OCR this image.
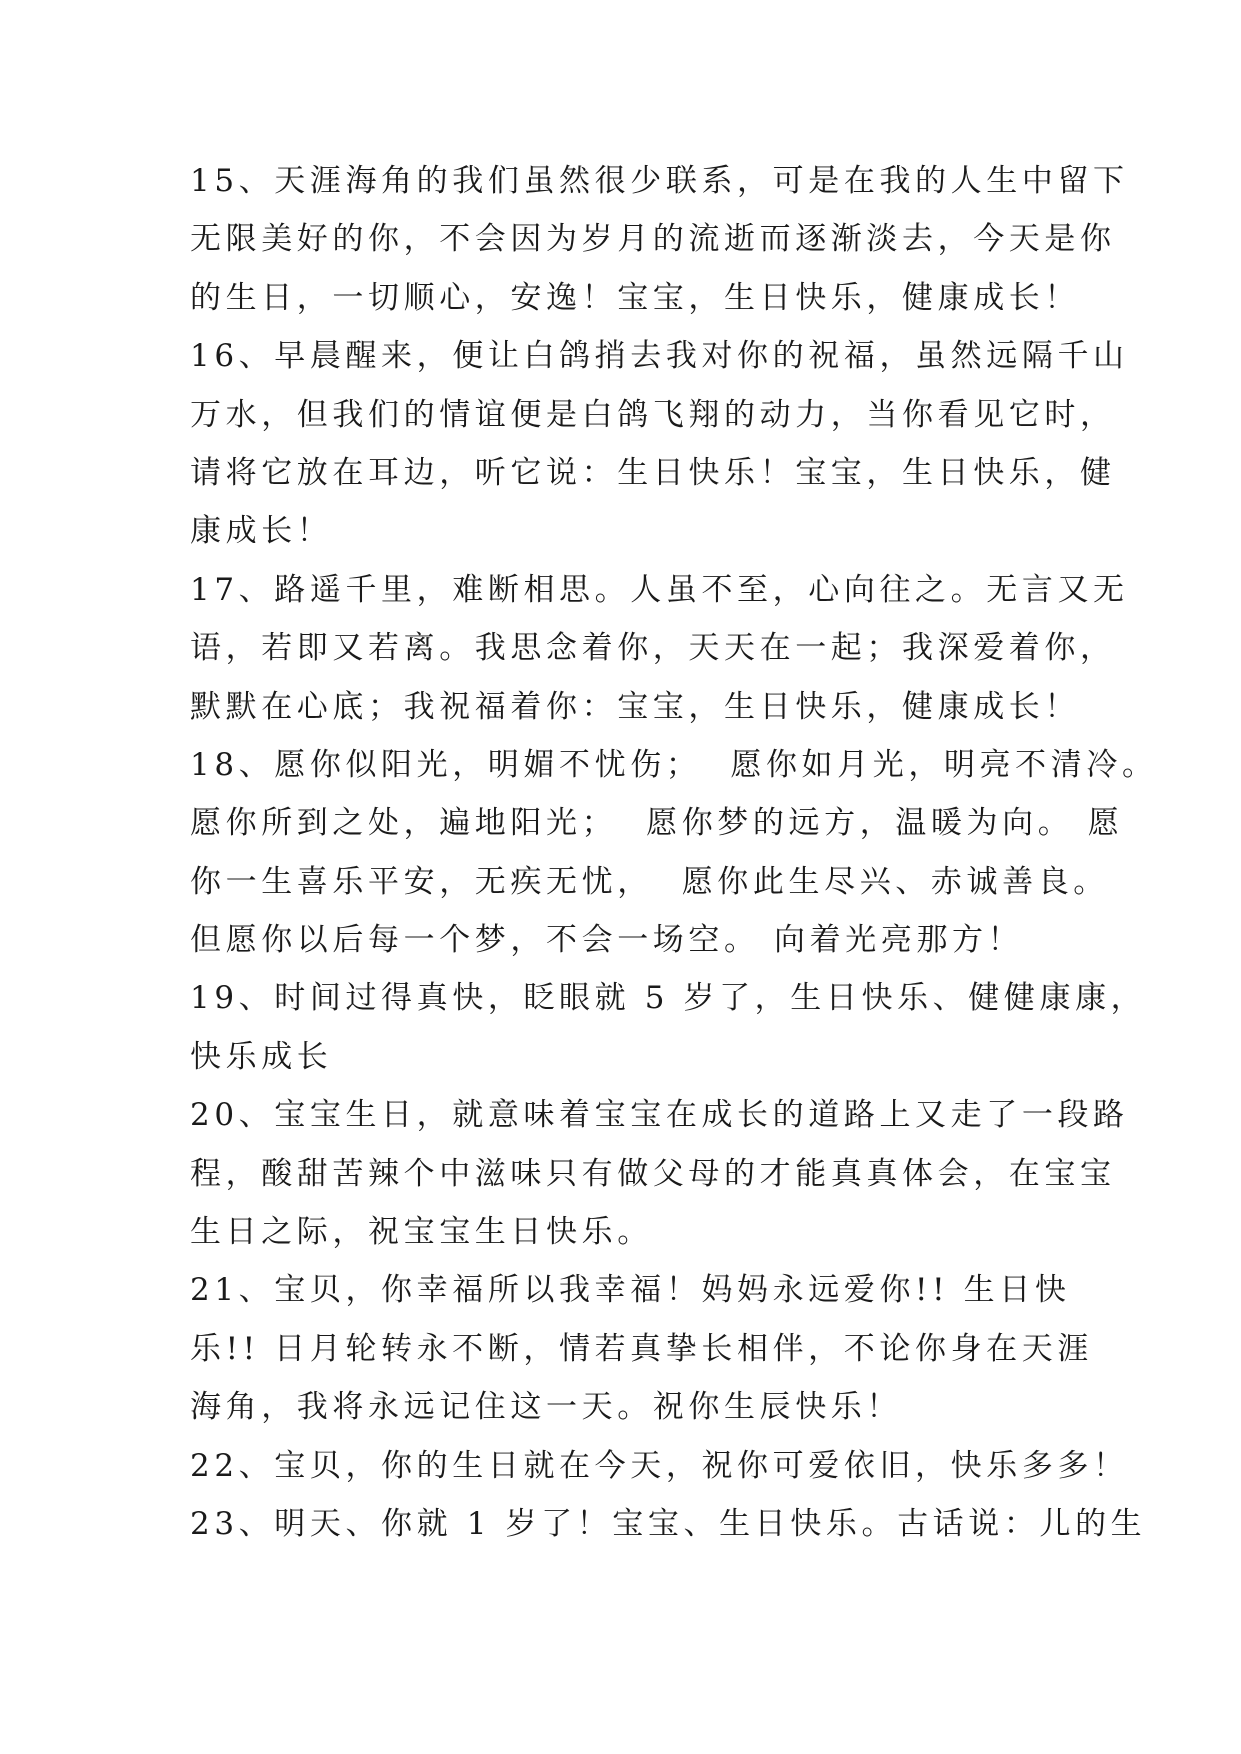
15、天涯海角的我们虽然很少联系，可是在我的人生中留下
无限美好的你，不会因为岁月的流逝而逐渐淡去，今天是你
的生日，一切顺心，安逸！宝宝，生日快乐，健康成长！
16、早晨醒来，便让白鸽捎去我对你的祝福，虽然远隔千山
万水，但我们的情谊便是白鸽飞翔的动力，当你看见它时，
请将它放在耳边，听它说：生日快乐！宝宝，生日快乐，健
康成长！
17、路遥千里，难断相思。人虽不至，心向往之。无言又无
语，若即又若离。我思念着你，天天在一起；我深爱着你，
默默在心底；我祝福着你：宝宝，生日快乐，健康成长！
18、愿你似阳光，明媚不忧伤；  愿你如月光，明亮不清冷。
愿你所到之处，遍地阳光；  愿你梦的远方，温暖为向。 愿
你一生喜乐平安，无疾无忧，  愿你此生尽兴、赤诚善良。
但愿你以后每一个梦，不会一场空。 向着光亮那方！
19、时间过得真快，眨眼就 5 岁了，生日快乐、健健康康，
快乐成长
20、宝宝生日，就意味着宝宝在成长的道路上又走了一段路
程，酸甜苦辣个中滋味只有做父母的才能真真体会，在宝宝
生日之际，祝宝宝生日快乐。
21、宝贝，你幸福所以我幸福！妈妈永远爱你!! 生日快
乐!! 日月轮转永不断，情若真挚长相伴，不论你身在天涯
海角，我将永远记住这一天。祝你生辰快乐！
22、宝贝，你的生日就在今天，祝你可爱依旧，快乐多多！
23、明天、你就 1 岁了！宝宝、生日快乐。古话说：儿的生
